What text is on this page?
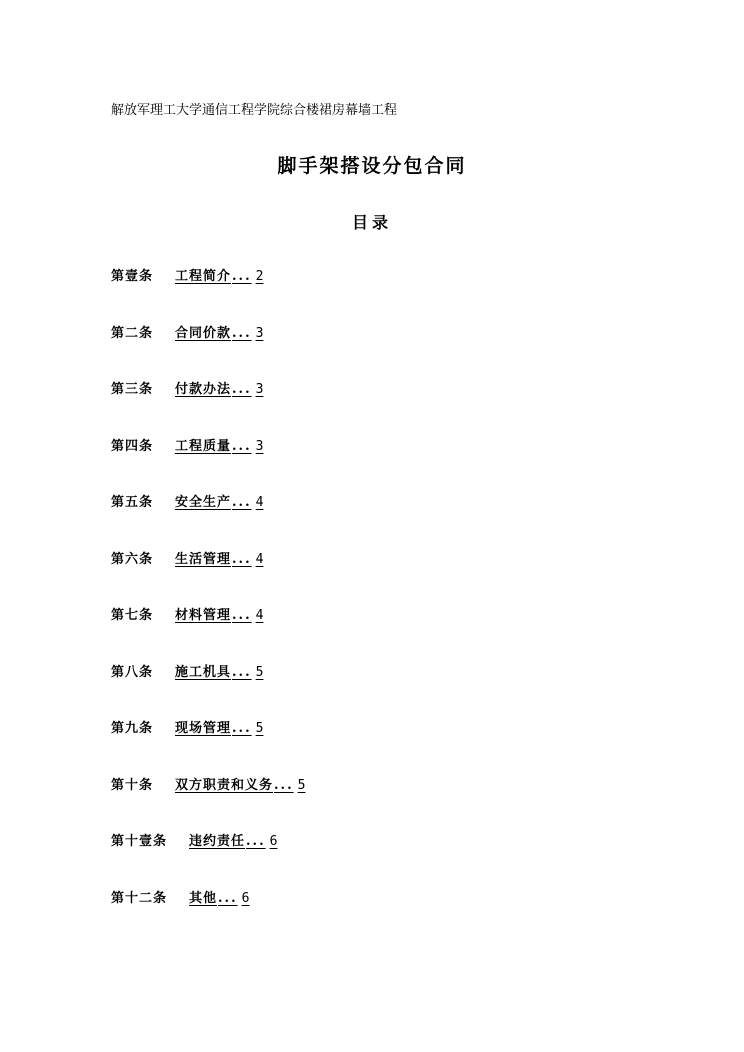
解放军理工大学通信工程学院综合楼裙房幕墙工程
脚手架搭设分包合同
目录
第壹条 工程简介... 2
第二条 合同价款... 3
第三条 付款办法... 3
第四条 工程质量... 3
第五条 安全生产... 4
第六条 生活管理... 4
第七条 材料管理... 4
第八条 施工机具... 5
第九条 现场管理... 5
第十条 双方职责和义务... 5
第十壹条 违约责任... 6
第十二条 其他... 6
